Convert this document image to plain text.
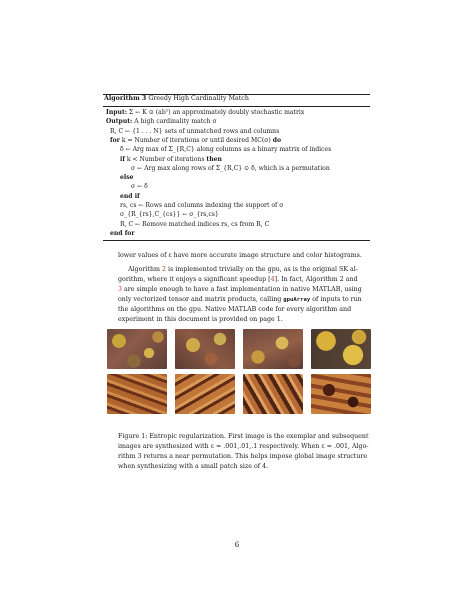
Algorithm 3 Greedy High Cardinality Match
Input: Σ ← K ⊙ (abᵀ) an approximately doubly stochastic matrix
Output: A high cardinality match σ
R, C ← {1 . . . N} sets of unmatched rows and columns
for k = Number of iterations or until desired MC(σ) do
δ ← Arg max of Σ_{R,C} along columns as a binary matrix of indices
if k < Number of iterations then
σ ← Arg max along rows of Σ_{R,C} ⊙ δ, which is a permutation
else
σ ← δ
end if
rs, cs ← Rows and columns indexing the support of σ
σ_{R_{rs},C_{cs}} ← σ_{rs,cs}
R, C ← Remove matched indices rs, cs from R, C
end for
lower values of ε have more accurate image structure and color histograms.
Algorithm 2 is implemented trivially on the gpu, as is the original SK al-
gorithm, where it enjoys a significant speedup [4]. In fact, Algorithm 2 and
3 are simple enough to have a fast implementation in native MATLAB, using
only vectorized tensor and matrix products, calling gpuArray of inputs to run
the algorithms on the gpu. Native MATLAB code for every algorithm and
experiment in this document is provided on page 1.
Figure 1: Entropic regularization. First image is the exemplar and subsequent
images are synthesized with ε = .001,.01,.1 respectively. When ε = .001, Algo-
rithm 3 returns a near permutation. This helps impose global image structure
when synthesizing with a small patch size of 4.
6
